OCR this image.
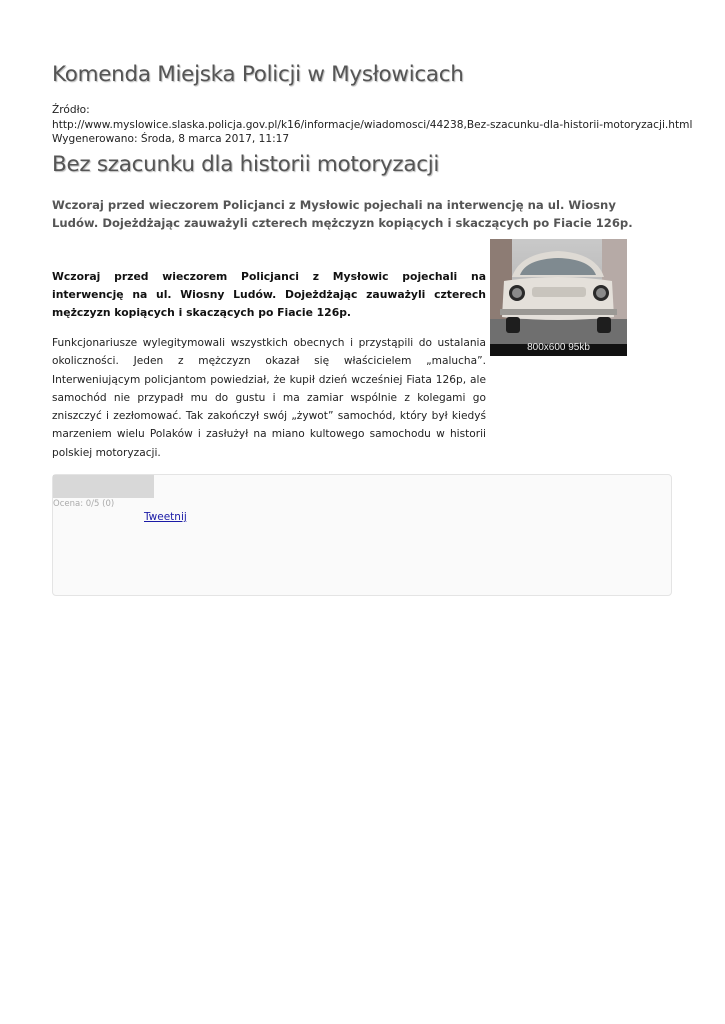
Komenda Miejska Policji w Mysłowicach
Źródło:
http://www.myslowice.slaska.policja.gov.pl/k16/informacje/wiadomosci/44238,Bez-szacunku-dla-historii-motoryzacji.html
Wygenerowano: Środa, 8 marca 2017, 11:17
Bez szacunku dla historii motoryzacji

Wczoraj przed wieczorem Policjanci z Mysłowic pojechali na interwencję na ul. Wiosny Ludów. Dojeżdżając zauważyli czterech mężczyzn kopiących i skaczących po Fiacie 126p.

800x600 95kb

Wczoraj przed wieczorem Policjanci z Mysłowic pojechali na interwencję na ul. Wiosny Ludów. Dojeżdżając zauważyli czterech mężczyzn kopiących i skaczących po Fiacie 126p.

Funkcjonariusze wylegitymowali wszystkich obecnych i przystąpili do ustalania okoliczności. Jeden z mężczyzn okazał się właścicielem „malucha”. Interweniującym policjantom powiedział, że kupił dzień wcześniej Fiata 126p, ale samochód nie przypadł mu do gustu i ma zamiar wspólnie z kolegami go zniszczyć i zezłomować. Tak zakończył swój „żywot” samochód, który był kiedyś marzeniem wielu Polaków i zasłużył na miano kultowego samochodu w historii polskiej motoryzacji.

Ocena: 0/5 (0)
Tweetnij
